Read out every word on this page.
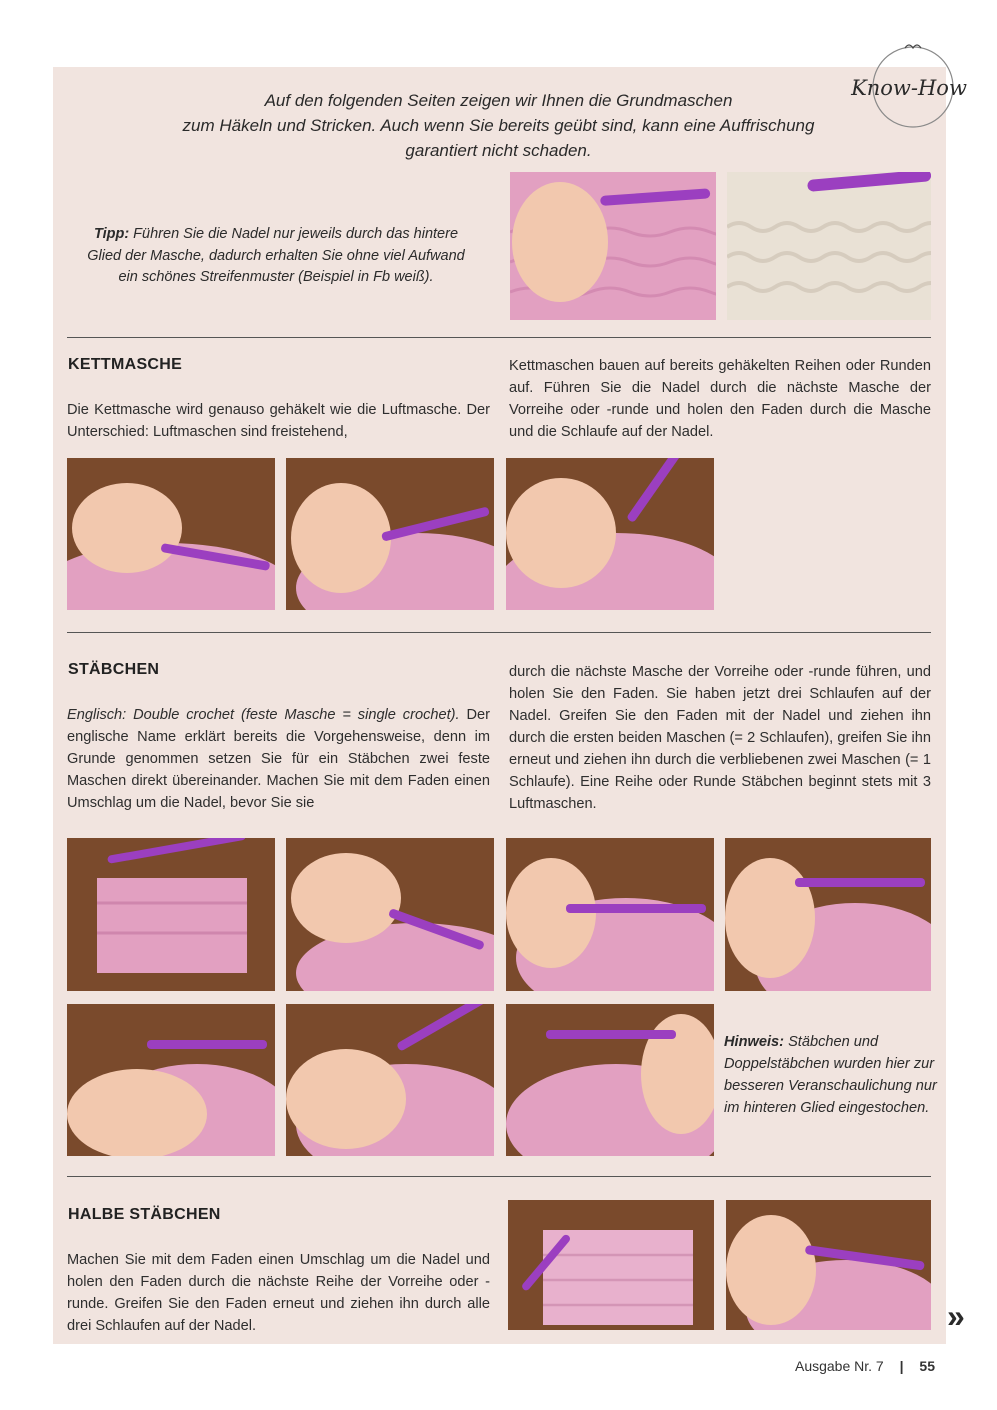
Auf den folgenden Seiten zeigen wir Ihnen die Grundmaschen
zum Häkeln und Stricken. Auch wenn Sie bereits geübt sind, kann eine Auffrischung
garantiert nicht schaden.
Know-How
Tipp: Führen Sie die Nadel nur jeweils durch das hintere
Glied der Masche, dadurch erhalten Sie ohne viel Aufwand
ein schönes Streifenmuster (Beispiel in Fb weiß).
KETTMASCHE
Die Kettmasche wird genauso gehäkelt wie die Luftmasche. Der Unterschied: Luftmaschen sind freistehend,
Kettmaschen bauen auf bereits gehäkelten Reihen oder Runden auf. Führen Sie die Nadel durch die nächste Masche der Vorreihe oder -runde und holen den Faden durch die Masche und die Schlaufe auf der Nadel.
STÄBCHEN
Englisch: Double crochet (feste Masche = single crochet). Der englische Name erklärt bereits die Vorgehensweise, denn im Grunde genommen setzen Sie für ein Stäbchen zwei feste Maschen direkt übereinander. Machen Sie mit dem Faden einen Umschlag um die Nadel, bevor Sie sie
durch die nächste Masche der Vorreihe oder -runde führen, und holen Sie den Faden. Sie haben jetzt drei Schlaufen auf der Nadel. Greifen Sie den Faden mit der Nadel und ziehen ihn durch die ersten beiden Maschen (= 2 Schlaufen), greifen Sie ihn erneut und ziehen ihn durch die verbliebenen zwei Maschen (= 1 Schlaufe). Eine Reihe oder Runde Stäbchen beginnt stets mit 3 Luftmaschen.
Hinweis: Stäbchen und Doppelstäbchen wurden hier zur besseren Veranschaulichung nur im hinteren Glied eingestochen.
HALBE STÄBCHEN
Machen Sie mit dem Faden einen Umschlag um die Nadel und holen den Faden durch die nächste Reihe der Vorreihe oder -runde. Greifen Sie den Faden erneut und ziehen ihn durch alle drei Schlaufen auf der Nadel.	»
Ausgabe Nr. 7 | 55
